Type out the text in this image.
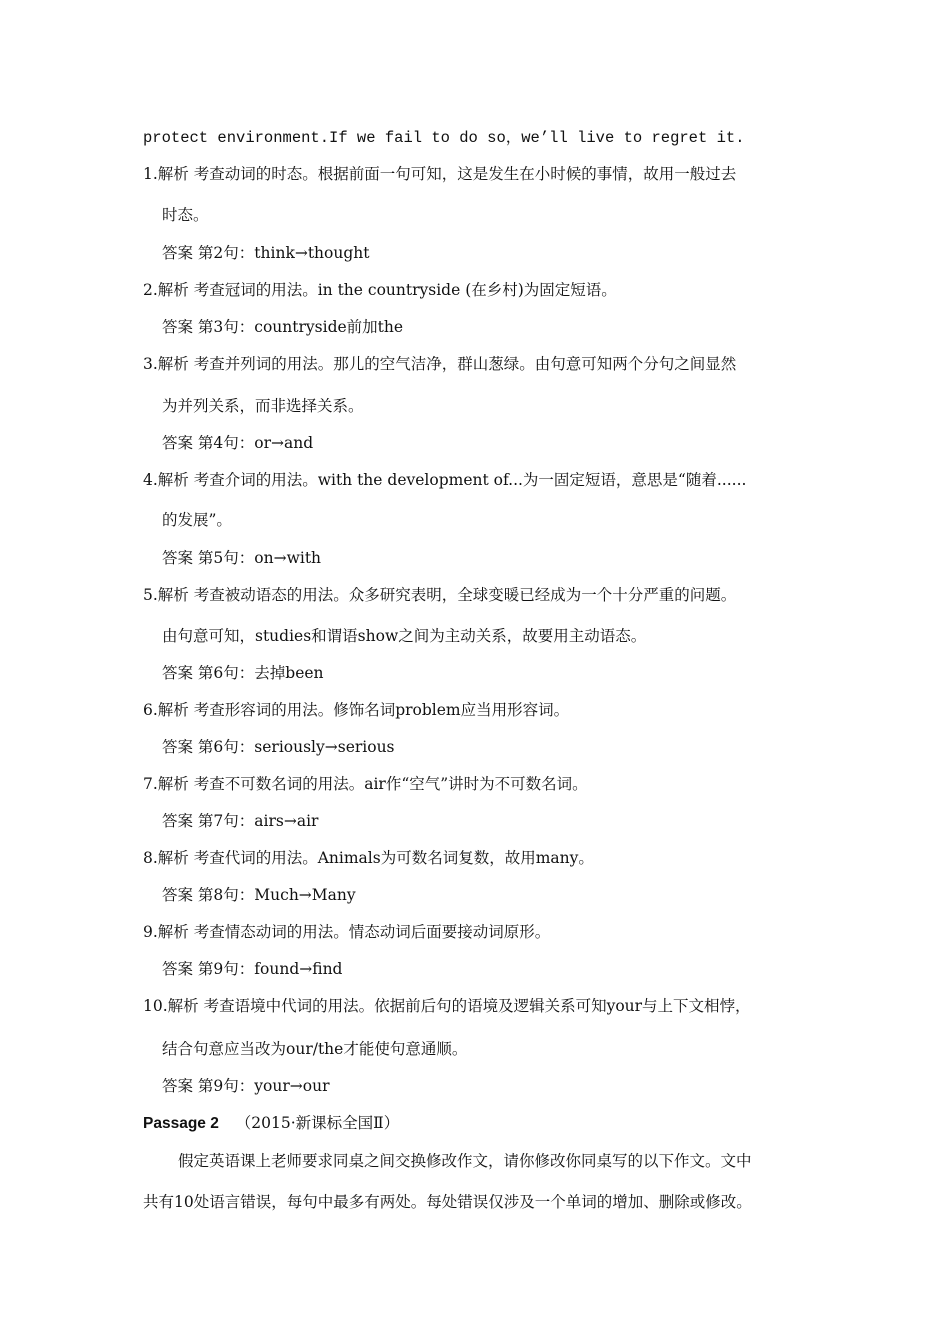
protect environment.If we fail to do so，we’ll live to regret it.
1.解析 考查动词的时态。根据前面一句可知，这是发生在小时候的事情，故用一般过去
时态。
答案 第2句：think→thought
2.解析 考查冠词的用法。in the countryside (在乡村)为固定短语。
答案 第3句：countryside前加the
3.解析 考查并列词的用法。那儿的空气洁净，群山葱绿。由句意可知两个分句之间显然
为并列关系，而非选择关系。
答案 第4句：or→and
4.解析 考查介词的用法。with the development of...为一固定短语，意思是“随着......
的发展”。
答案 第5句：on→with
5.解析 考查被动语态的用法。众多研究表明，全球变暖已经成为一个十分严重的问题。
由句意可知，studies和谓语show之间为主动关系，故要用主动语态。
答案 第6句：去掉been
6.解析 考查形容词的用法。修饰名词problem应当用形容词。
答案 第6句：seriously→serious
7.解析 考查不可数名词的用法。air作“空气”讲时为不可数名词。
答案 第7句：airs→air
8.解析 考查代词的用法。Animals为可数名词复数，故用many。
答案 第8句：Much→Many
9.解析 考查情态动词的用法。情态动词后面要接动词原形。
答案 第9句：found→find
10.解析 考查语境中代词的用法。依据前后句的语境及逻辑关系可知your与上下文相悖，
结合句意应当改为our/the才能使句意通顺。
答案 第9句：your→our
Passage 2 （2015·新课标全国Ⅱ）
假定英语课上老师要求同桌之间交换修改作文，请你修改你同桌写的以下作文。文中
共有10处语言错误，每句中最多有两处。每处错误仅涉及一个单词的增加、删除或修改。
